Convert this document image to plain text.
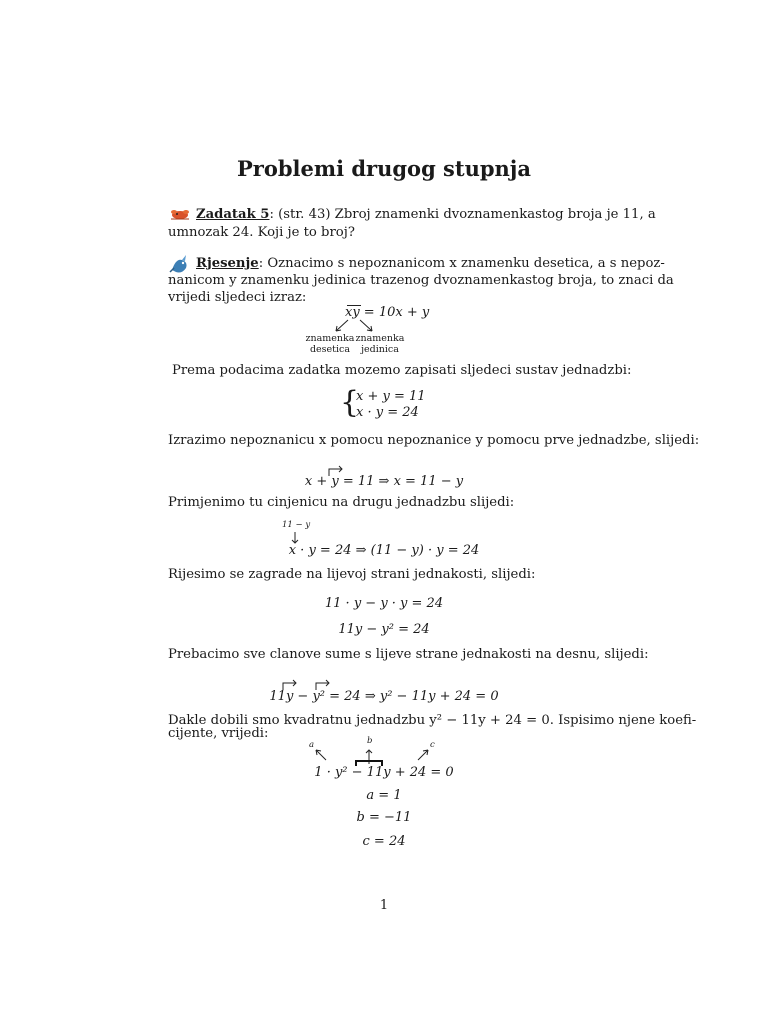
Problemi drugog stupnja
Zadatak 5: (str. 43) Zbroj znamenki dvoznamenkastog broja je 11, a
umnozak 24. Koji je to broj?
Rjesenje: Oznacimo s nepoznanicom x znamenku desetica, a s nepoz-
nanicom y znamenku jedinica trazenog dvoznamenkastog broja, to znaci da
vrijedi sljedeci izraz:
xy = 10x + y
znamenka desetica
znamenka jedinica
Prema podacima zadatka mozemo zapisati sljedeci sustav jednadzbi:
{
x + y = 11
x · y = 24
Izrazimo nepoznanicu x pomocu nepoznanice y pomocu prve jednadzbe, slijedi:
x + y = 11 ⇒ x = 11 − y
Primjenimo tu cinjenicu na drugu jednadzbu slijedi:
11 − y
x · y = 24 ⇒ (11 − y) · y = 24
Rijesimo se zagrade na lijevoj strani jednakosti, slijedi:
11 · y − y · y = 24
11y − y² = 24
Prebacimo sve clanove sume s lijeve strane jednakosti na desnu, slijedi:
11y − y² = 24 ⇒ y² − 11y + 24 = 0
Dakle dobili smo kvadratnu jednadzbu y² − 11y + 24 = 0. Ispisimo njene koefi-
cijente, vrijedi:
a	b	c
1 · y² − 11y + 24 = 0
a = 1
b = −11
c = 24
1
